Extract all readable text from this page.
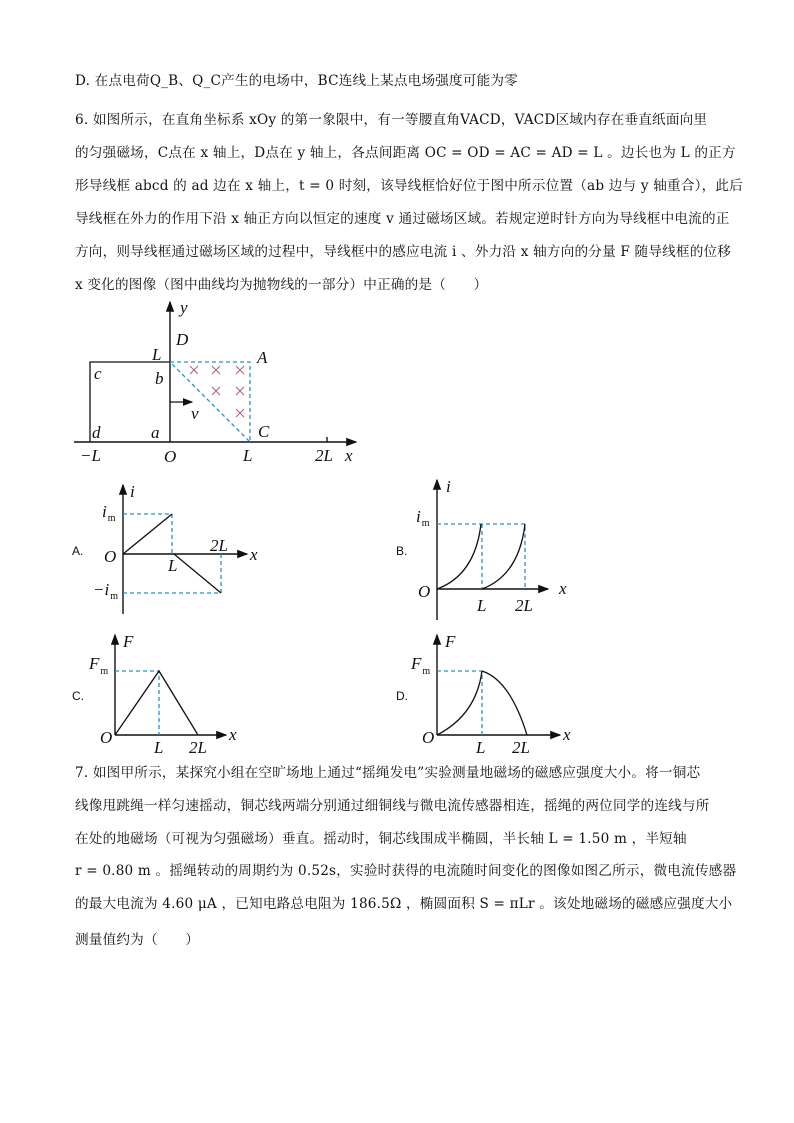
D. 在点电荷Q_B、Q_C产生的电场中，BC连线上某点电场强度可能为零
6. 如图所示，在直角坐标系 xOy 的第一象限中，有一等腰直角VACD，VACD区域内存在垂直纸面向里
的匀强磁场，C点在 x 轴上，D点在 y 轴上，各点间距离 OC = OD = AC = AD = L 。边长也为 L 的正方
形导线框 abcd 的 ad 边在 x 轴上，t = 0 时刻，该导线框恰好位于图中所示位置（ab 边与 y 轴重合），此后
导线框在外力的作用下沿 x 轴正方向以恒定的速度 v 通过磁场区域。若规定逆时针方向为导线框中电流的正
方向，则导线框通过磁场区域的过程中，导线框中的感应电流 i 、外力沿 x 轴方向的分量 F 随导线框的位移
x 变化的图像（图中曲线均为抛物线的一部分）中正确的是（　　）
y
D
L	A
c	b
v
d	a	C
−L	O	L	2L x
A.
i
$i_m$
O	L
2L x
$-i_m$
B.
i
$i_m$
O
L 2L
x
C.
F
$F_m$
O
L 2L
x
D.
F
$F_m$
O
L 2L
x
7. 如图甲所示，某探究小组在空旷场地上通过“摇绳发电”实验测量地磁场的磁感应强度大小。将一铜芯
线像甩跳绳一样匀速摇动，铜芯线两端分别通过细铜线与微电流传感器相连，摇绳的两位同学的连线与所
在处的地磁场（可视为匀强磁场）垂直。摇动时，铜芯线围成半椭圆，半长轴 L = 1.50 m ，半短轴
r = 0.80 m 。摇绳转动的周期约为 0.52s，实验时获得的电流随时间变化的图像如图乙所示，微电流传感器
的最大电流为 4.60 μA ，已知电路总电阻为 186.5Ω ，椭圆面积 S = πLr 。该处地磁场的磁感应强度大小
测量值约为（　　）
